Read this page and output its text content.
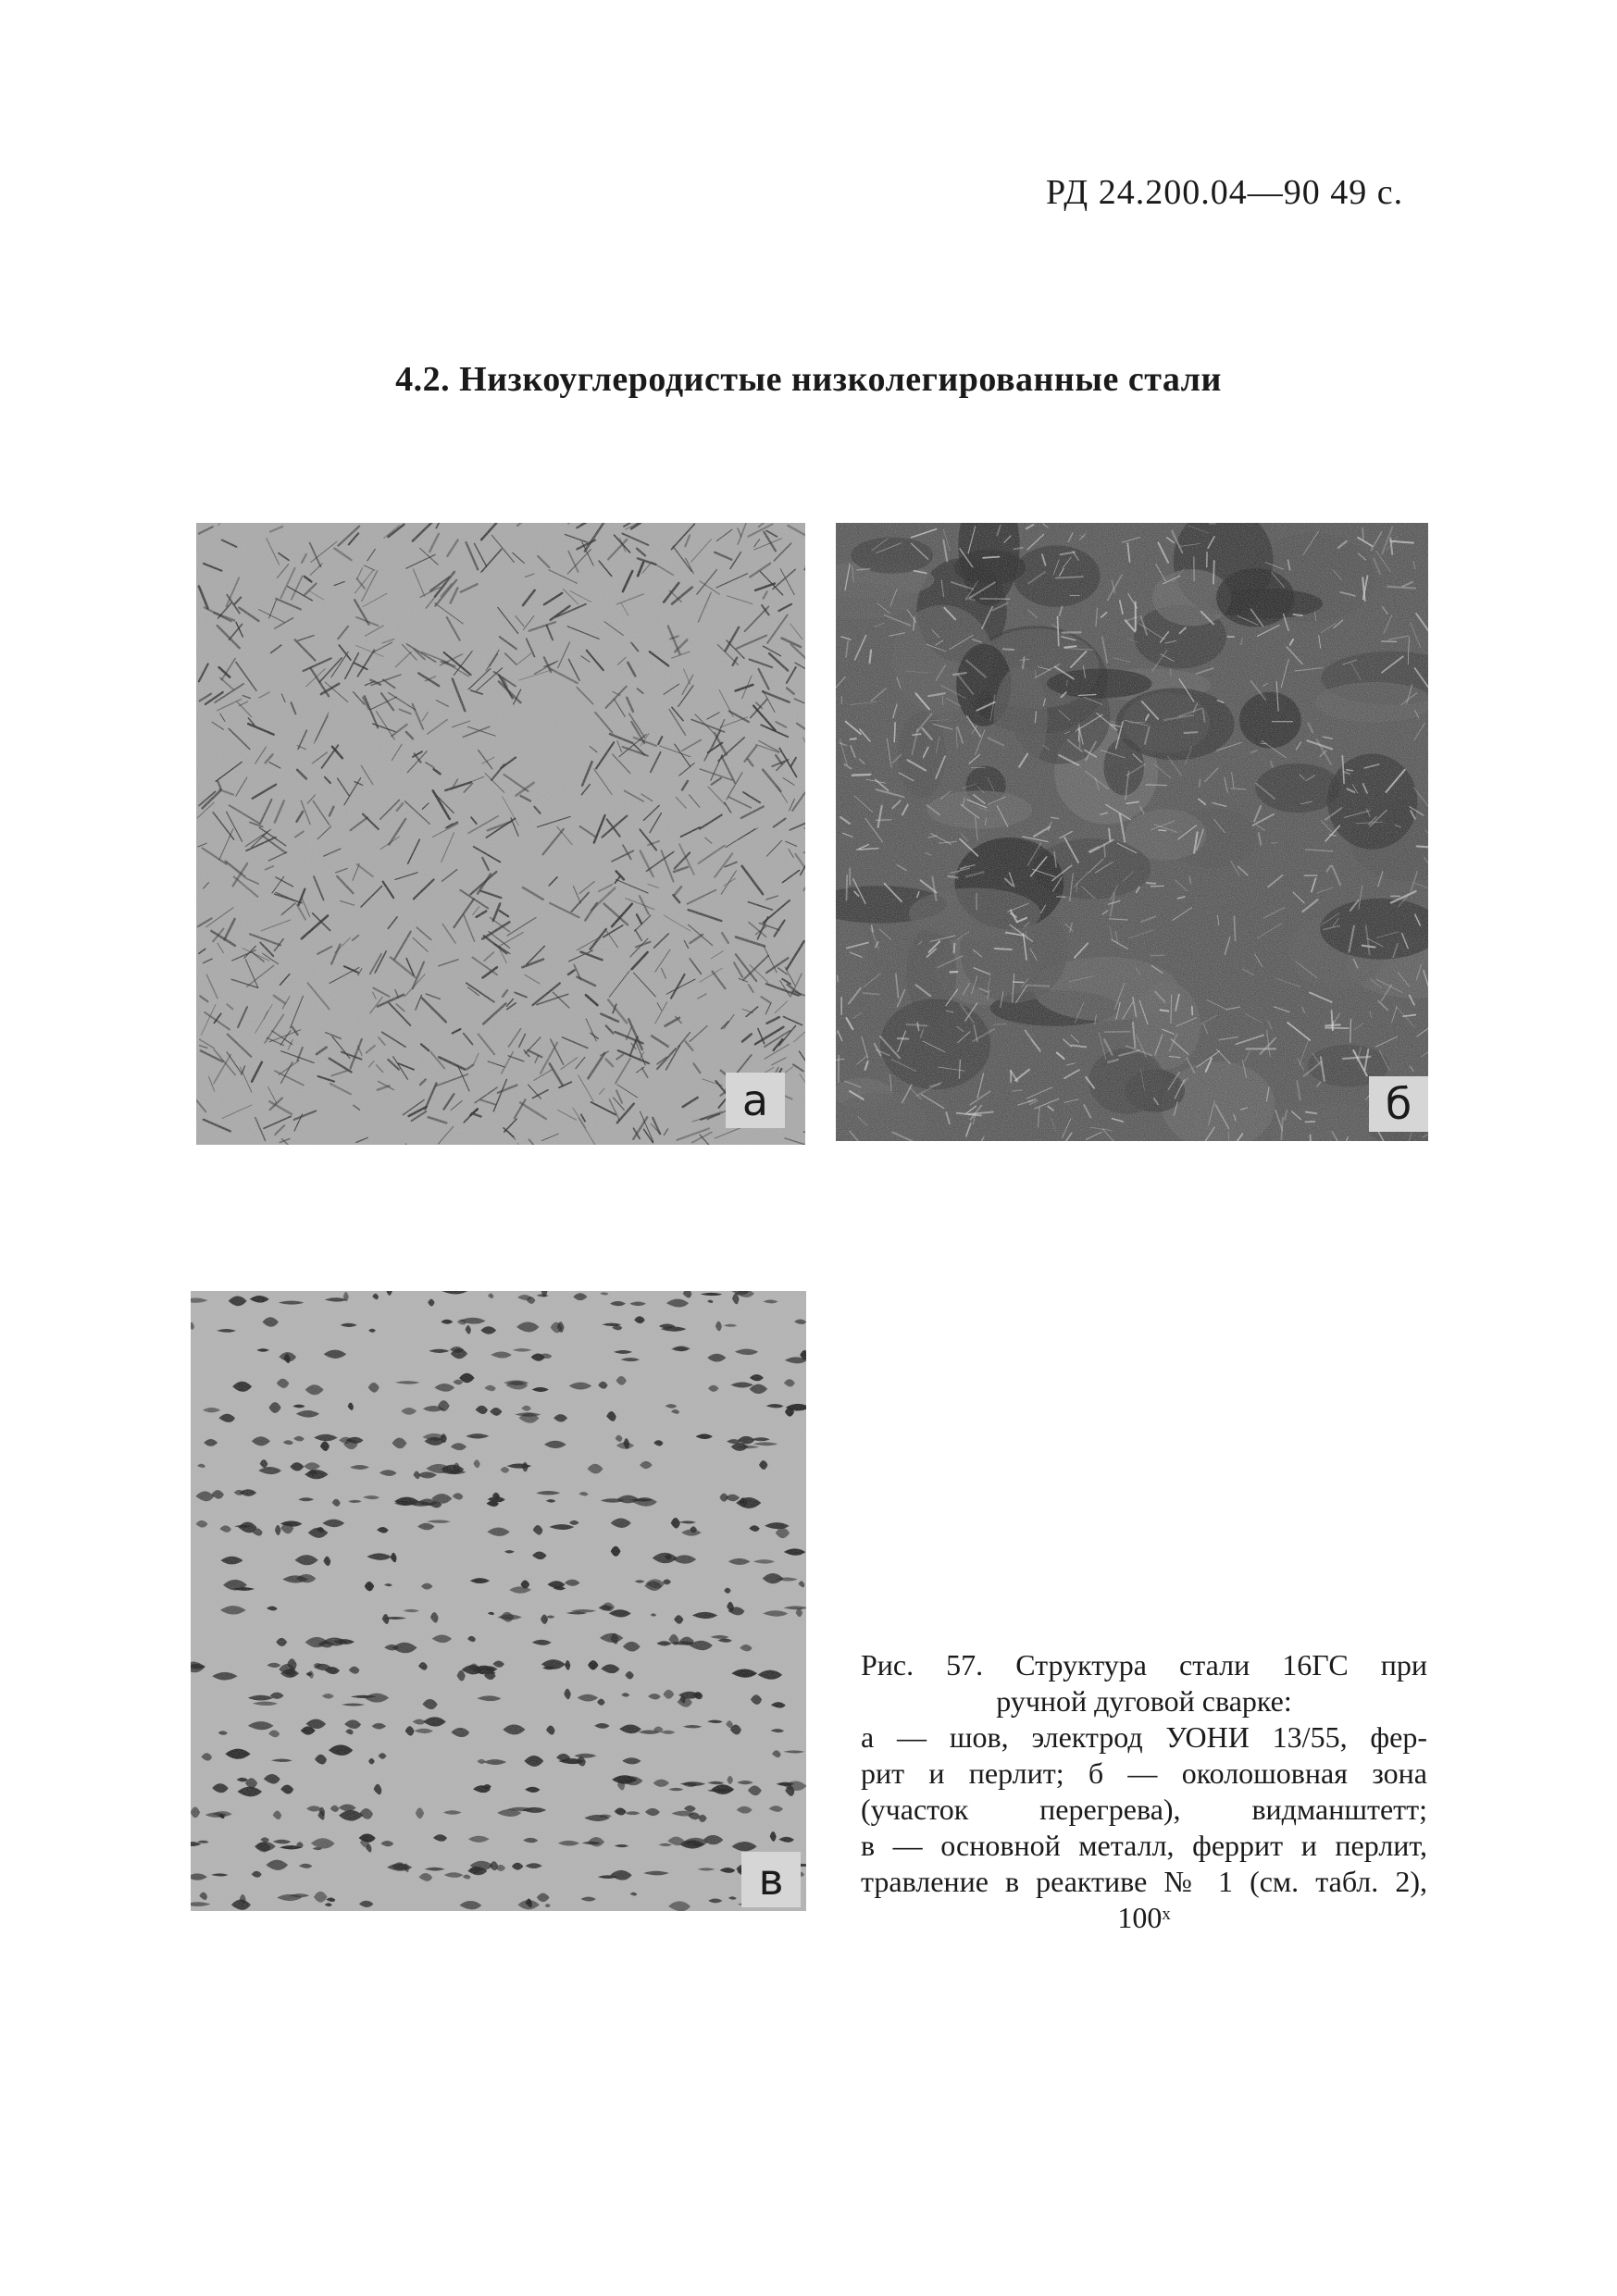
РД 24.200.04—90 49 с.
4.2. Низкоуглеродистые низколегированные стали
а	б
в
Рис. 57. Структура стали 16ГС при
ручной дуговой сварке:
а — шов, электрод УОНИ 13/55, фер-
рит и перлит; б — околошовная зона
(участок перегрева), видманштетт;
в — основной металл, феррит и перлит,
травление в реактиве № 1 (см. табл. 2),
100ˣ
